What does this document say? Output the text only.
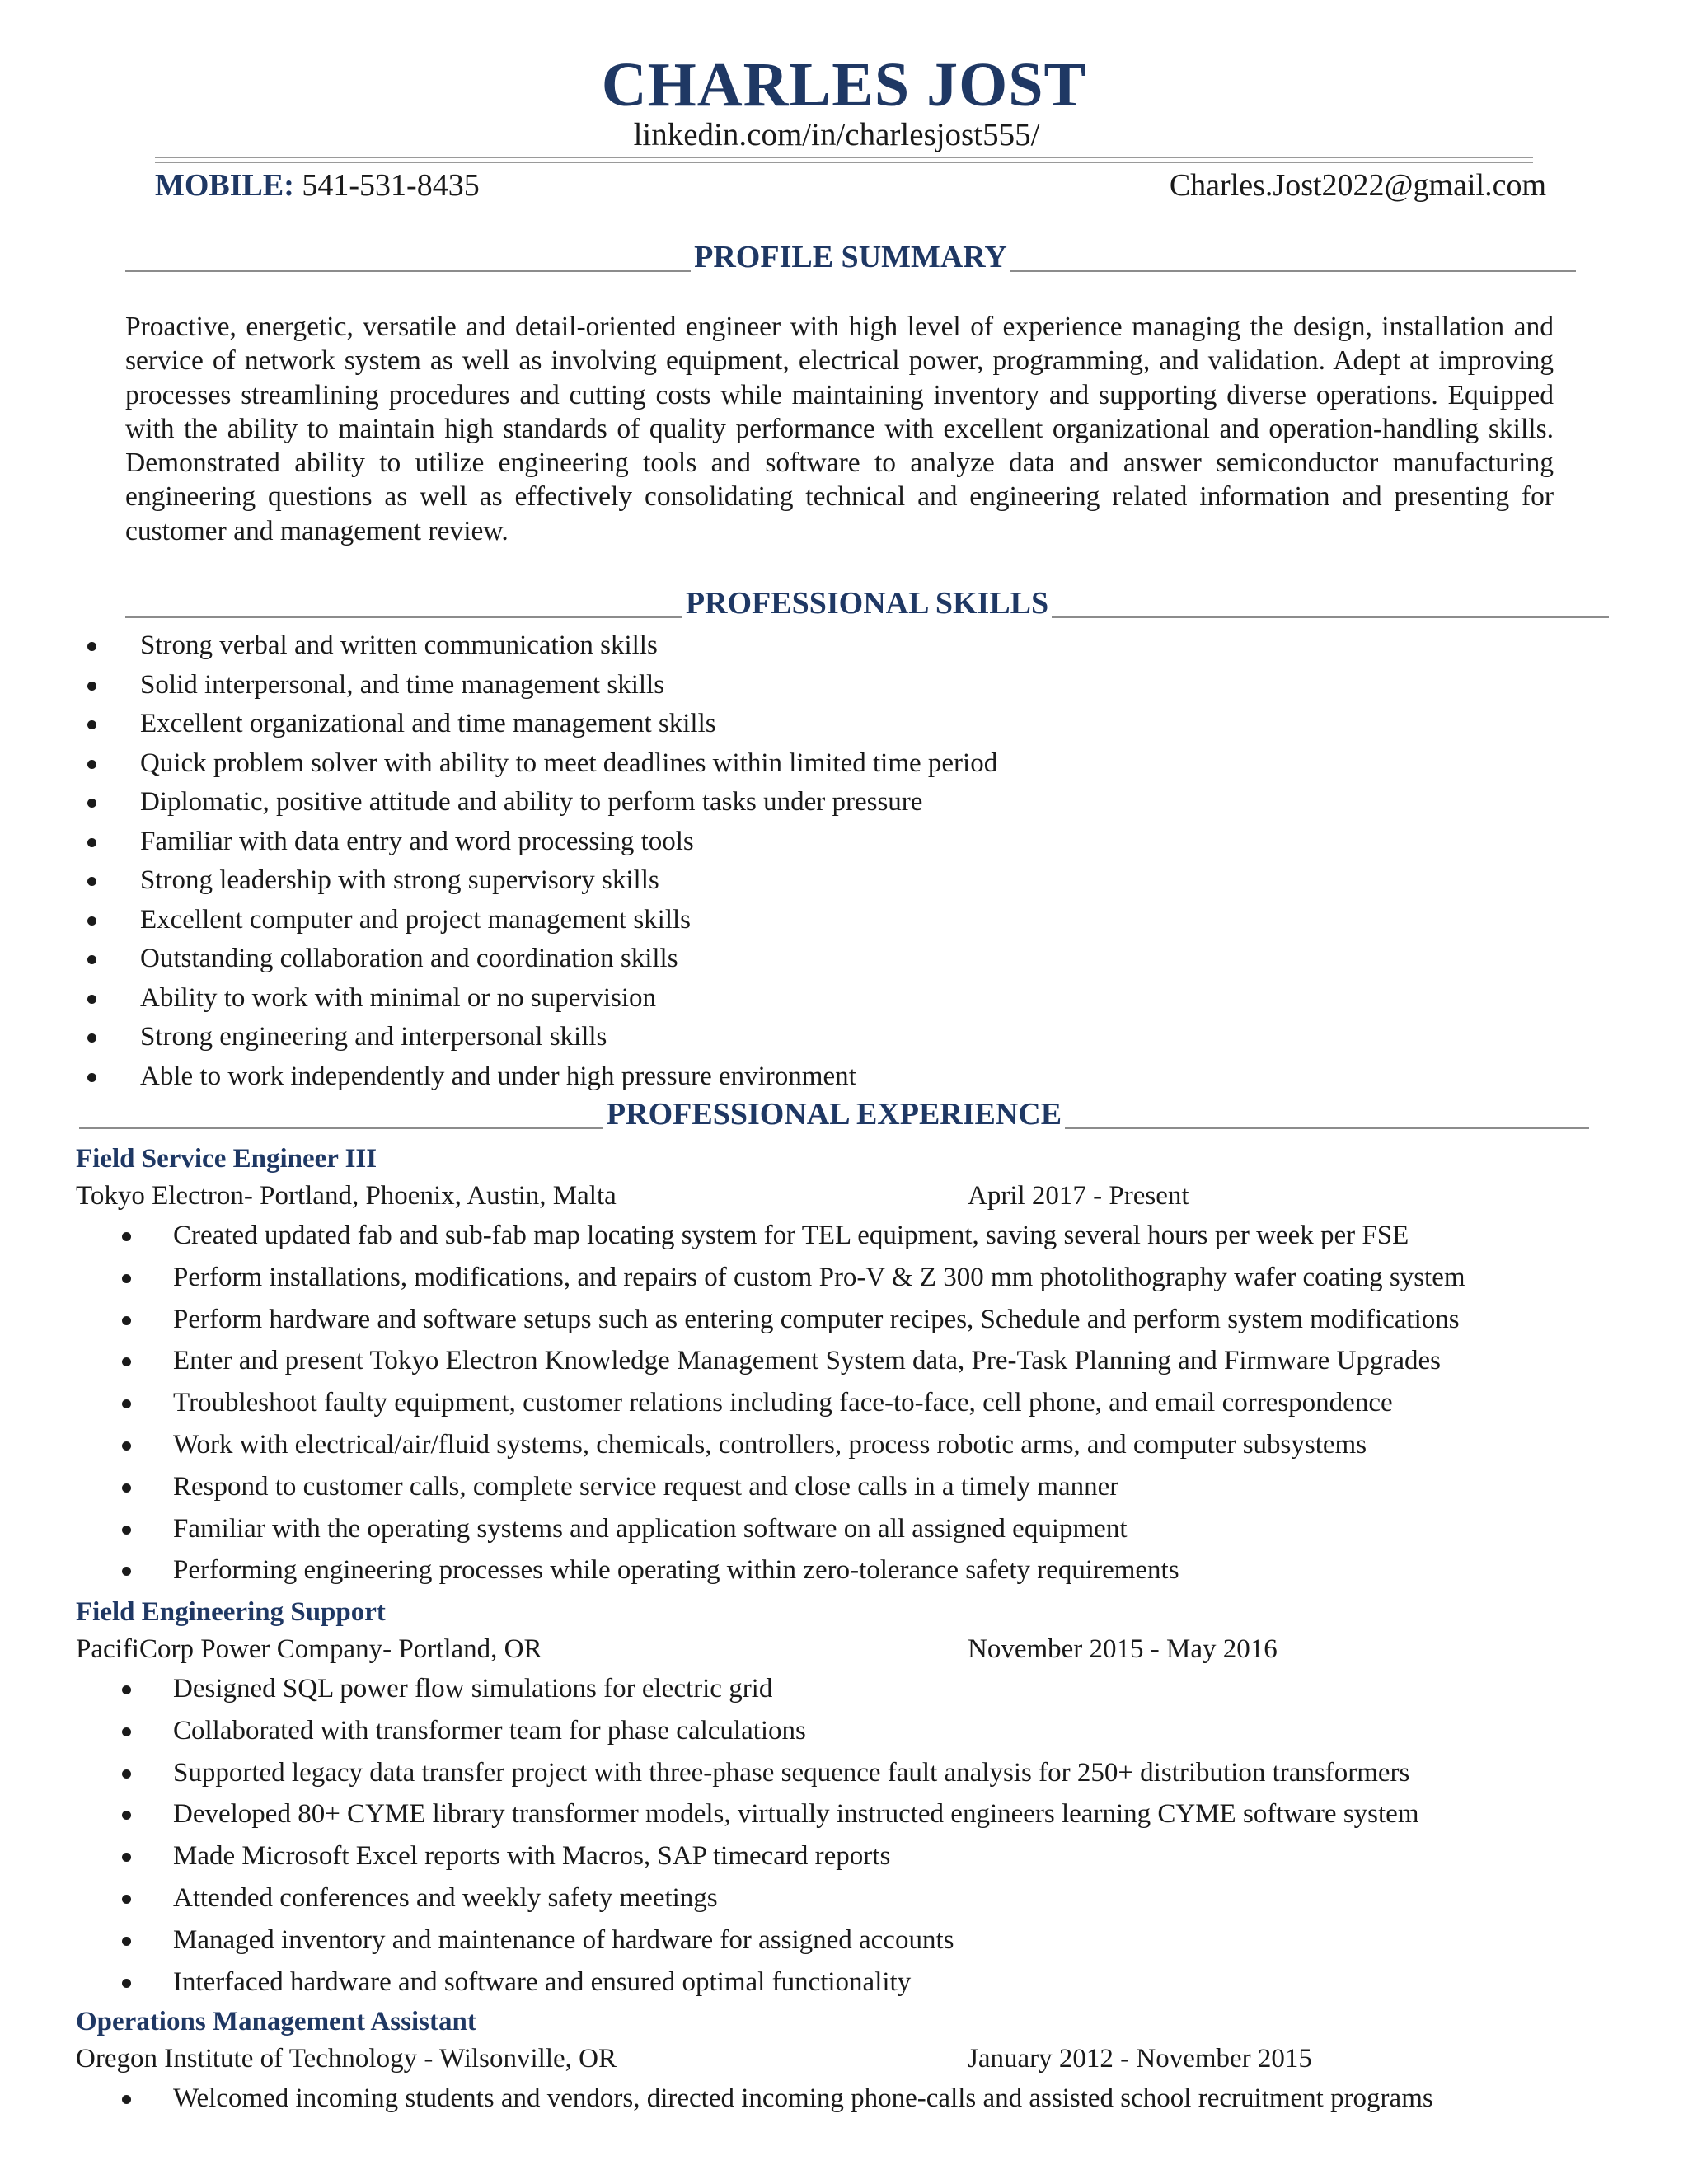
CHARLES JOST
linkedin.com/in/charlesjost555/
MOBILE: 541-531-8435	Charles.Jost2022@gmail.com
PROFILE SUMMARY
Proactive, energetic, versatile and detail-oriented engineer with high level of experience managing the design, installation and service of network system as well as involving equipment, electrical power, programming, and validation. Adept at improving processes streamlining procedures and cutting costs while maintaining inventory and supporting diverse operations. Equipped with the ability to maintain high standards of quality performance with excellent organizational and operation-handling skills. Demonstrated ability to utilize engineering tools and software to analyze data and answer semiconductor manufacturing engineering questions as well as effectively consolidating technical and engineering related information and presenting for customer and management review.
PROFESSIONAL SKILLS
Strong verbal and written communication skills
Solid interpersonal, and time management skills
Excellent organizational and time management skills
Quick problem solver with ability to meet deadlines within limited time period
Diplomatic, positive attitude and ability to perform tasks under pressure
Familiar with data entry and word processing tools
Strong leadership with strong supervisory skills
Excellent computer and project management skills
Outstanding collaboration and coordination skills
Ability to work with minimal or no supervision
Strong engineering and interpersonal skills
Able to work independently and under high pressure environment
PROFESSIONAL EXPERIENCE
Field Service Engineer III
Tokyo Electron- Portland, Phoenix, Austin, Malta	April 2017 - Present
Created updated fab and sub-fab map locating system for TEL equipment, saving several hours per week per FSE
Perform installations, modifications, and repairs of custom Pro-V & Z 300 mm photolithography wafer coating system
Perform hardware and software setups such as entering computer recipes, Schedule and perform system modifications
Enter and present Tokyo Electron Knowledge Management System data, Pre-Task Planning and Firmware Upgrades
Troubleshoot faulty equipment, customer relations including face-to-face, cell phone, and email correspondence
Work with electrical/air/fluid systems, chemicals, controllers, process robotic arms, and computer subsystems
Respond to customer calls, complete service request and close calls in a timely manner
Familiar with the operating systems and application software on all assigned equipment
Performing engineering processes while operating within zero-tolerance safety requirements
Field Engineering Support
PacifiCorp Power Company- Portland, OR	November 2015 - May 2016
Designed SQL power flow simulations for electric grid
Collaborated with transformer team for phase calculations
Supported legacy data transfer project with three-phase sequence fault analysis for 250+ distribution transformers
Developed 80+ CYME library transformer models, virtually instructed engineers learning CYME software system
Made Microsoft Excel reports with Macros, SAP timecard reports
Attended conferences and weekly safety meetings
Managed inventory and maintenance of hardware for assigned accounts
Interfaced hardware and software and ensured optimal functionality
Operations Management Assistant
Oregon Institute of Technology - Wilsonville, OR	January 2012 - November 2015
Welcomed incoming students and vendors, directed incoming phone-calls and assisted school recruitment programs
